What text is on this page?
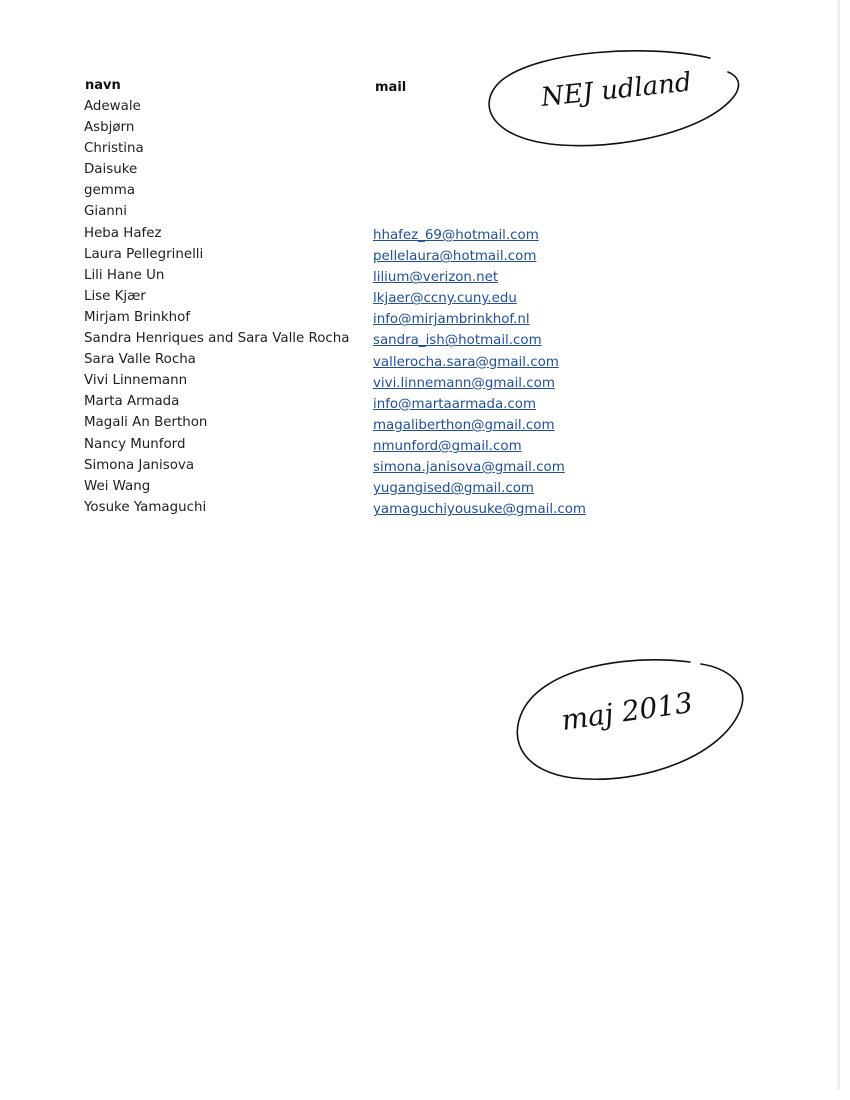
navn	mail
Adewale
Asbjørn
Christina
Daisuke
gemma
Gianni
Heba Hafez
Laura Pellegrinelli
Lili Hane Un
Lise Kjær
Mirjam Brinkhof
Sandra Henriques and Sara Valle Rocha
Sara Valle Rocha
Vivi Linnemann
Marta Armada
Magali An Berthon
Nancy Munford
Simona Janisova
Wei Wang
Yosuke Yamaguchi
hhafez_69@hotmail.com
pellelaura@hotmail.com
lilium@verizon.net
lkjaer@ccny.cuny.edu
info@mirjambrinkhof.nl
sandra_ish@hotmail.com
vallerocha.sara@gmail.com
vivi.linnemann@gmail.com
info@martaarmada.com
magaliberthon@gmail.com
nmunford@gmail.com
simona.janisova@gmail.com
yugangised@gmail.com
yamaguchiyousuke@gmail.com
NEJ udland
maj 2013
